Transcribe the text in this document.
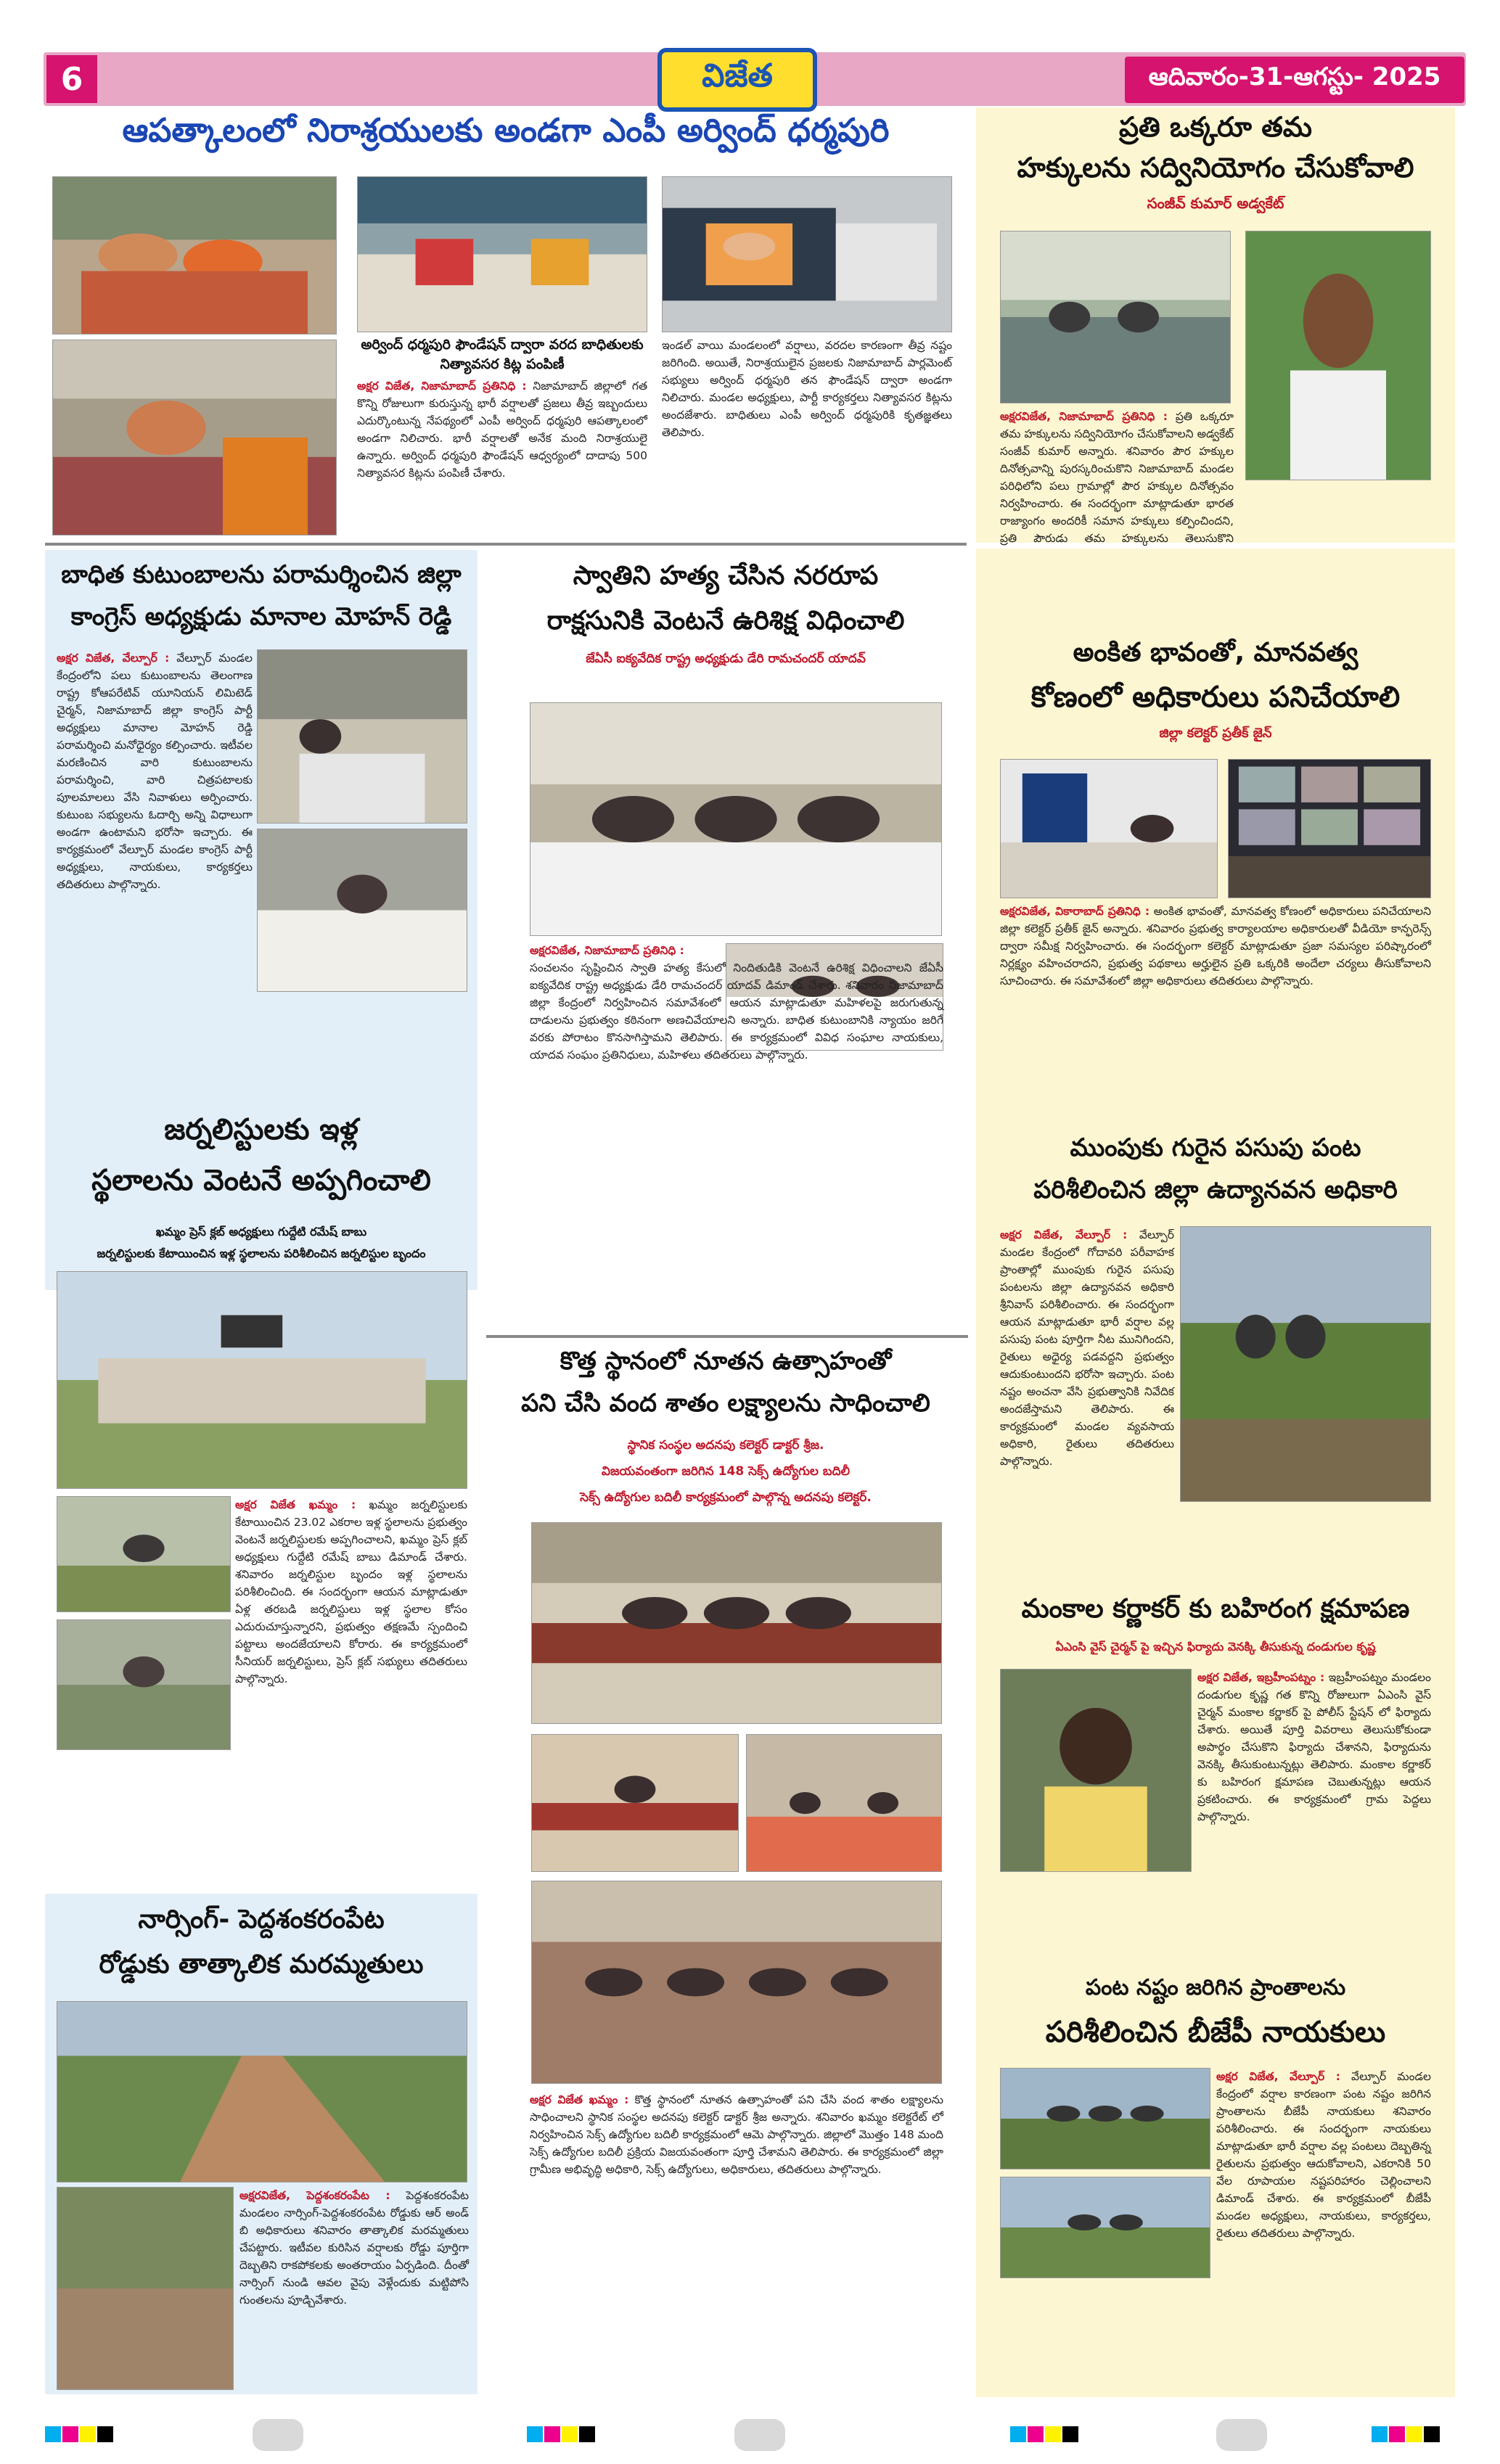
6	విజేత	ఆదివారం-31-ఆగస్టు- 2025
ఆపత్కాలంలో నిరాశ్రయులకు అండగా ఎంపీ అర్వింద్ ధర్మపురి
అర్వింద్ ధర్మపురి ఫౌండేషన్ ద్వారా వరద బాధితులకు నిత్యావసర కిట్ల పంపిణీ
అక్షర విజేత, నిజామాబాద్ ప్రతినిధి : నిజామాబాద్ జిల్లాలో గత కొన్ని రోజులుగా కురుస్తున్న భారీ వర్షాలతో ప్రజలు తీవ్ర ఇబ్బందులు ఎదుర్కొంటున్న నేపథ్యంలో ఎంపీ అర్వింద్ ధర్మపురి ఆపత్కాలంలో అండగా నిలిచారు. భారీ వర్షాలతో అనేక మంది నిరాశ్రయులై ఉన్నారు. అర్వింద్ ధర్మపురి ఫౌండేషన్ ఆధ్వర్యంలో దాదాపు 500 నిత్యావసర కిట్లను పంపిణీ చేశారు.
ఇండల్ వాయి మండలంలో వర్షాలు, వరదల కారణంగా తీవ్ర నష్టం జరిగింది. అయితే, నిరాశ్రయులైన ప్రజలకు నిజామాబాద్ పార్లమెంట్ సభ్యులు అర్వింద్ ధర్మపురి తన ఫౌండేషన్ ద్వారా అండగా నిలిచారు. మండల అధ్యక్షులు, పార్టీ కార్యకర్తలు నిత్యావసర కిట్లను అందజేశారు. బాధితులు ఎంపీ అర్వింద్ ధర్మపురికి కృతజ్ఞతలు తెలిపారు.
ప్రతి ఒక్కరూ తమ
హక్కులను సద్వినియోగం చేసుకోవాలి
సంజీవ్ కుమార్ అడ్వకేట్
అక్షరవిజేత, నిజామాబాద్ ప్రతినిధి : ప్రతి ఒక్కరూ తమ హక్కులను సద్వినియోగం చేసుకోవాలని అడ్వకేట్ సంజీవ్ కుమార్ అన్నారు. శనివారం పౌర హక్కుల దినోత్సవాన్ని పురస్కరించుకొని నిజామాబాద్ మండల పరిధిలోని పలు గ్రామాల్లో పౌర హక్కుల దినోత్సవం నిర్వహించారు. ఈ సందర్భంగా మాట్లాడుతూ భారత రాజ్యాంగం అందరికీ సమాన హక్కులు కల్పించిందని, ప్రతి పౌరుడు తమ హక్కులను తెలుసుకొని
బాధిత కుటుంబాలను పరామర్శించిన జిల్లా
కాంగ్రెస్ అధ్యక్షుడు మానాల మోహన్ రెడ్డి
అక్షర విజేత, వేల్పూర్ : వేల్పూర్ మండల కేంద్రంలోని పలు కుటుంబాలను తెలంగాణ రాష్ట్ర కోఆపరేటివ్ యూనియన్ లిమిటెడ్ చైర్మన్, నిజామాబాద్ జిల్లా కాంగ్రెస్ పార్టీ అధ్యక్షులు మానాల మోహన్ రెడ్డి పరామర్శించి మనోధైర్యం కల్పించారు. ఇటీవల మరణించిన వారి కుటుంబాలను పరామర్శించి, వారి చిత్రపటాలకు పూలమాలలు వేసి నివాళులు అర్పించారు. కుటుంబ సభ్యులను ఓదార్చి అన్ని విధాలుగా అండగా ఉంటామని భరోసా ఇచ్చారు. ఈ కార్యక్రమంలో వేల్పూర్ మండల కాంగ్రెస్ పార్టీ అధ్యక్షులు, నాయకులు, కార్యకర్తలు తదితరులు పాల్గొన్నారు.
జర్నలిస్టులకు ఇళ్ల
స్థలాలను వెంటనే అప్పగించాలి
ఖమ్మం ప్రెస్ క్లబ్ అధ్యక్షులు గుద్దేటి రమేష్ బాబు
జర్నలిస్టులకు కేటాయించిన ఇళ్ల స్థలాలను పరిశీలించిన జర్నలిస్టుల బృందం
అక్షర విజేత ఖమ్మం : ఖమ్మం జర్నలిస్టులకు కేటాయించిన 23.02 ఎకరాల ఇళ్ల స్థలాలను ప్రభుత్వం వెంటనే జర్నలిస్టులకు అప్పగించాలని, ఖమ్మం ప్రెస్ క్లబ్ అధ్యక్షులు గుద్దేటి రమేష్ బాబు డిమాండ్ చేశారు. శనివారం జర్నలిస్టుల బృందం ఇళ్ల స్థలాలను పరిశీలించింది. ఈ సందర్భంగా ఆయన మాట్లాడుతూ ఏళ్ల తరబడి జర్నలిస్టులు ఇళ్ల స్థలాల కోసం ఎదురుచూస్తున్నారని, ప్రభుత్వం తక్షణమే స్పందించి పట్టాలు అందజేయాలని కోరారు. ఈ కార్యక్రమంలో సీనియర్ జర్నలిస్టులు, ప్రెస్ క్లబ్ సభ్యులు తదితరులు పాల్గొన్నారు.
నార్సింగ్- పెద్దశంకరంపేట
రోడ్డుకు తాత్కాలిక మరమ్మతులు
అక్షరవిజేత, పెద్దశంకరంపేట : పెద్దశంకరంపేట మండలం నార్సింగ్-పెద్దశంకరంపేట రోడ్డుకు ఆర్ అండ్ బి అధికారులు శనివారం తాత్కాలిక మరమ్మతులు చేపట్టారు. ఇటీవల కురిసిన వర్షాలకు రోడ్డు పూర్తిగా దెబ్బతిని రాకపోకలకు అంతరాయం ఏర్పడింది. దీంతో నార్సింగ్ నుండి ఆవల వైపు వెళ్లేందుకు మట్టిపోసి గుంతలను పూడ్చివేశారు.
స్వాతిని హత్య చేసిన నరరూప
రాక్షసునికి వెంటనే ఉరిశిక్ష విధించాలి
జేఏసీ ఐక్యవేదిక రాష్ట్ర అధ్యక్షుడు డేరి రామచందర్ యాదవ్
అక్షరవిజేత, నిజామాబాద్ ప్రతినిధి :
సంచలనం సృష్టించిన స్వాతి హత్య కేసులో నిందితుడికి వెంటనే ఉరిశిక్ష విధించాలని జేఏసీ ఐక్యవేదిక రాష్ట్ర అధ్యక్షుడు డేరి రామచందర్ యాదవ్ డిమాండ్ చేశారు. శనివారం నిజామాబాద్ జిల్లా కేంద్రంలో నిర్వహించిన సమావేశంలో ఆయన మాట్లాడుతూ మహిళలపై జరుగుతున్న దాడులను ప్రభుత్వం కఠినంగా అణచివేయాలని అన్నారు. బాధిత కుటుంబానికి న్యాయం జరిగే వరకు పోరాటం కొనసాగిస్తామని తెలిపారు. ఈ కార్యక్రమంలో వివిధ సంఘాల నాయకులు, యాదవ సంఘం ప్రతినిధులు, మహిళలు తదితరులు పాల్గొన్నారు.
కొత్త స్థానంలో నూతన ఉత్సాహంతో
పని చేసి వంద శాతం లక్ష్యాలను సాధించాలి
స్థానిక సంస్థల అదనపు కలెక్టర్ డాక్టర్ శ్రీజ.
విజయవంతంగా జరిగిన 148 సెక్స్ ఉద్యోగుల బదిలీ
సెక్స్ ఉద్యోగుల బదిలీ కార్యక్రమంలో పాల్గొన్న అదనపు కలెక్టర్.
అక్షర విజేత ఖమ్మం : కొత్త స్థానంలో నూతన ఉత్సాహంతో పని చేసి వంద శాతం లక్ష్యాలను సాధించాలని స్థానిక సంస్థల అదనపు కలెక్టర్ డాక్టర్ శ్రీజ అన్నారు. శనివారం ఖమ్మం కలెక్టరేట్ లో నిర్వహించిన సెక్స్ ఉద్యోగుల బదిలీ కార్యక్రమంలో ఆమె పాల్గొన్నారు. జిల్లాలో మొత్తం 148 మంది సెక్స్ ఉద్యోగుల బదిలీ ప్రక్రియ విజయవంతంగా పూర్తి చేశామని తెలిపారు. ఈ కార్యక్రమంలో జిల్లా గ్రామీణ అభివృద్ధి అధికారి, సెక్స్ ఉద్యోగులు, అధికారులు, తదితరులు పాల్గొన్నారు.
అంకిత భావంతో, మానవత్వ
కోణంలో అధికారులు పనిచేయాలి
జిల్లా కలెక్టర్ ప్రతీక్ జైన్
అక్షరవిజేత, వికారాబాద్ ప్రతినిధి : అంకిత భావంతో, మానవత్వ కోణంలో అధికారులు పనిచేయాలని జిల్లా కలెక్టర్ ప్రతీక్ జైన్ అన్నారు. శనివారం ప్రభుత్వ కార్యాలయాల అధికారులతో వీడియో కాన్ఫరెన్స్ ద్వారా సమీక్ష నిర్వహించారు. ఈ సందర్భంగా కలెక్టర్ మాట్లాడుతూ ప్రజా సమస్యల పరిష్కారంలో నిర్లక్ష్యం వహించరాదని, ప్రభుత్వ పథకాలు అర్హులైన ప్రతి ఒక్కరికి అందేలా చర్యలు తీసుకోవాలని సూచించారు. ఈ సమావేశంలో జిల్లా అధికారులు తదితరులు పాల్గొన్నారు.
ముంపుకు గురైన పసుపు పంట
పరిశీలించిన జిల్లా ఉద్యానవన అధికారి
అక్షర విజేత, వేల్పూర్ : వేల్పూర్ మండల కేంద్రంలో గోదావరి పరీవాహక ప్రాంతాల్లో ముంపుకు గురైన పసుపు పంటలను జిల్లా ఉద్యానవన అధికారి శ్రీనివాస్ పరిశీలించారు. ఈ సందర్భంగా ఆయన మాట్లాడుతూ భారీ వర్షాల వల్ల పసుపు పంట పూర్తిగా నీట మునిగిందని, రైతులు అధైర్య పడవద్దని ప్రభుత్వం ఆదుకుంటుందని భరోసా ఇచ్చారు. పంట నష్టం అంచనా వేసి ప్రభుత్వానికి నివేదిక అందజేస్తామని తెలిపారు. ఈ కార్యక్రమంలో మండల వ్యవసాయ అధికారి, రైతులు తదితరులు పాల్గొన్నారు.
మంకాల కర్ణాకర్ కు బహిరంగ క్షమాపణ
ఏఎంసి వైస్ చైర్మన్ పై ఇచ్చిన ఫిర్యాదు వెనక్కి తీసుకున్న దండుగుల కృష్ణ
అక్షర విజేత, ఇబ్రహీంపట్నం : ఇబ్రహీంపట్నం మండలం దండుగుల కృష్ణ గత కొన్ని రోజులుగా ఏఎంసి వైస్ చైర్మన్ మంకాల కర్ణాకర్ పై పోలీస్ స్టేషన్ లో ఫిర్యాదు చేశారు. అయితే పూర్తి వివరాలు తెలుసుకోకుండా అపార్థం చేసుకొని ఫిర్యాదు చేశానని, ఫిర్యాదును వెనక్కి తీసుకుంటున్నట్లు తెలిపారు. మంకాల కర్ణాకర్ కు బహిరంగ క్షమాపణ చెబుతున్నట్లు ఆయన ప్రకటించారు. ఈ కార్యక్రమంలో గ్రామ పెద్దలు పాల్గొన్నారు.
పంట నష్టం జరిగిన ప్రాంతాలను
పరిశీలించిన బీజేపీ నాయకులు
అక్షర విజేత, వేల్పూర్ : వేల్పూర్ మండల కేంద్రంలో వర్షాల కారణంగా పంట నష్టం జరిగిన ప్రాంతాలను బీజేపీ నాయకులు శనివారం పరిశీలించారు. ఈ సందర్భంగా నాయకులు మాట్లాడుతూ భారీ వర్షాల వల్ల పంటలు దెబ్బతిన్న రైతులను ప్రభుత్వం ఆదుకోవాలని, ఎకరానికి 50 వేల రూపాయల నష్టపరిహారం చెల్లించాలని డిమాండ్ చేశారు. ఈ కార్యక్రమంలో బీజేపీ మండల అధ్యక్షులు, నాయకులు, కార్యకర్తలు, రైతులు తదితరులు పాల్గొన్నారు.
